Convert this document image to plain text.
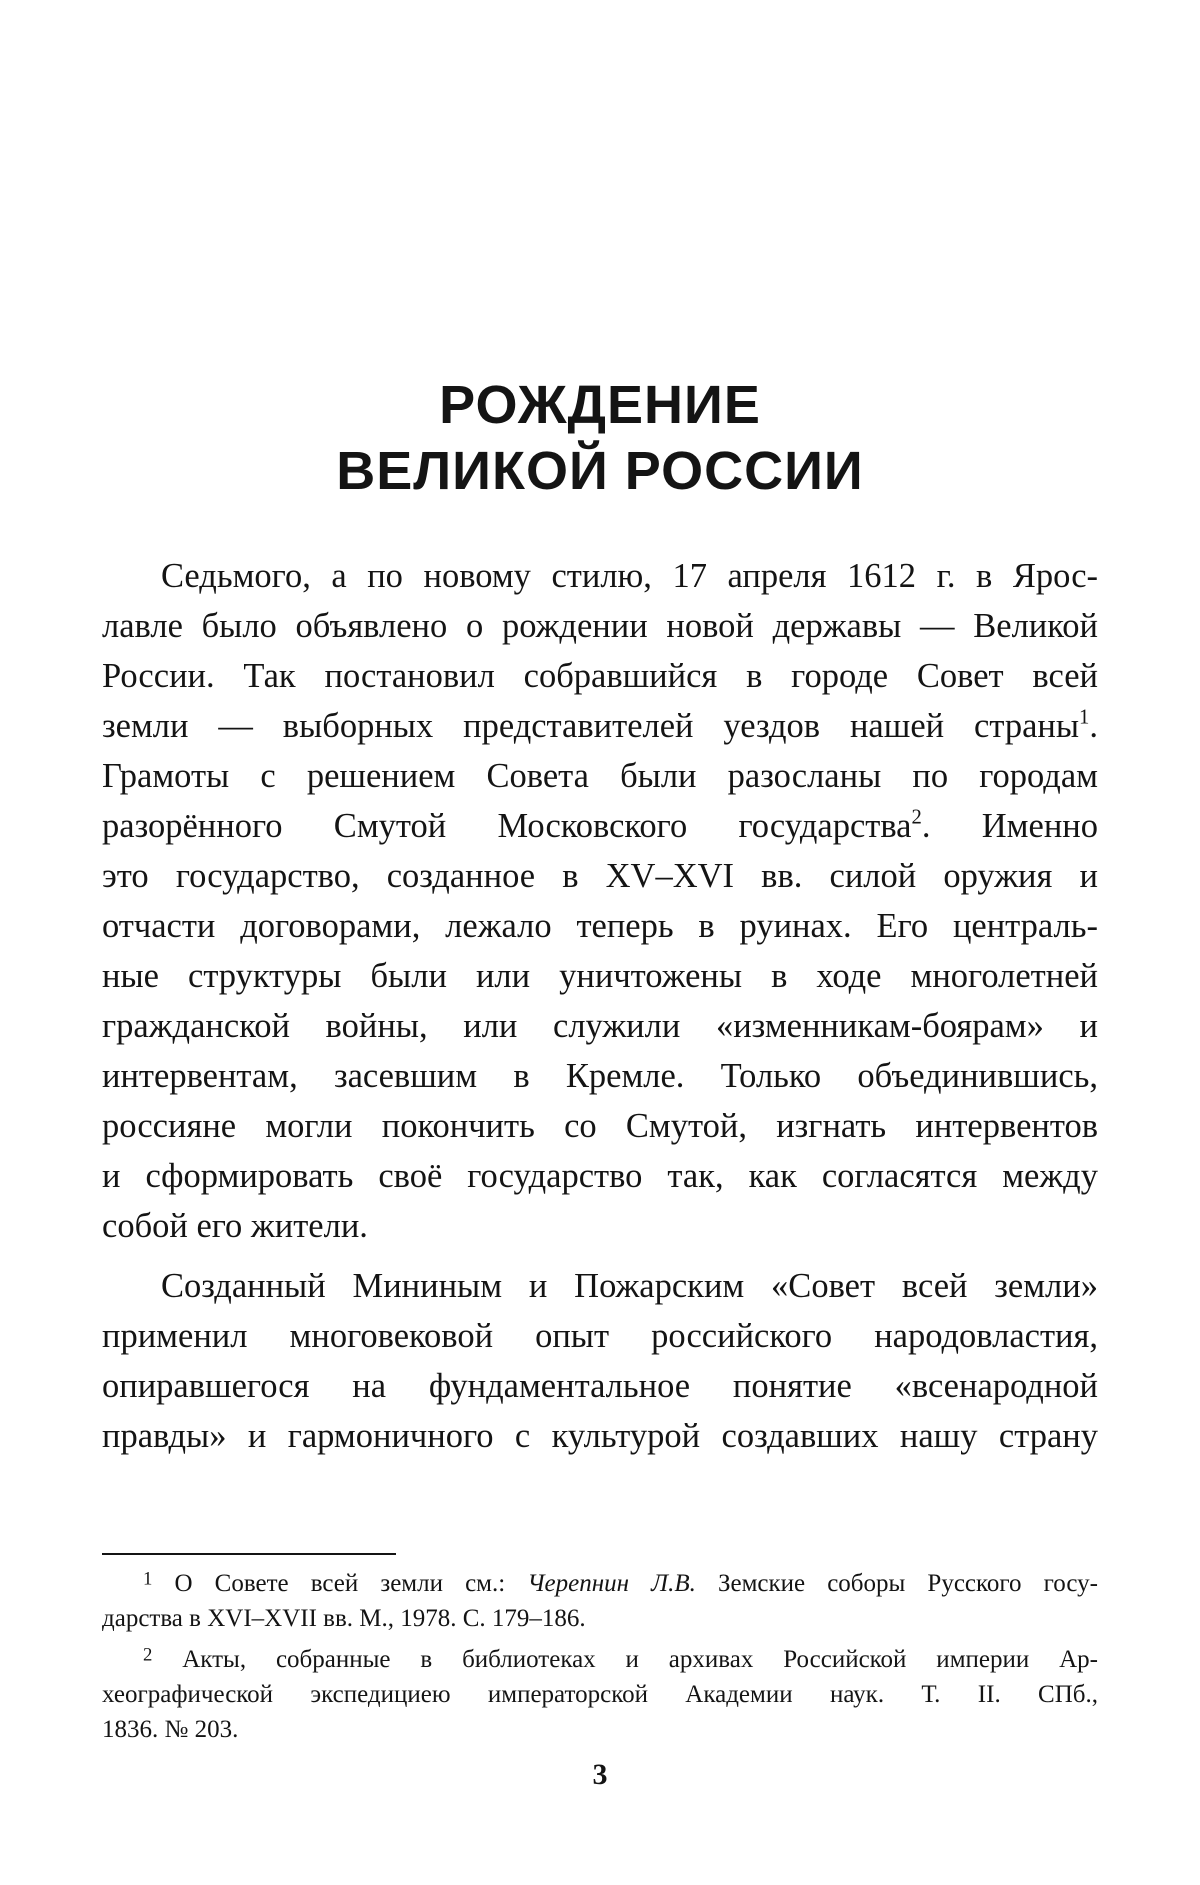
РОЖДЕНИЕ
ВЕЛИКОЙ РОССИИ
Седьмого, а по новому стилю, 17 апреля 1612 г. в Ярос-
лавле было объявлено о рождении новой державы — Великой
России. Так постановил собравшийся в городе Совет всей
земли — выборных представителей уездов нашей страны$^1$.
Грамоты с решением Совета были разосланы по городам
разорённого Смутой Московского государства$^2$. Именно
это государство, созданное в XV–XVI вв. силой оружия и
отчасти договорами, лежало теперь в руинах. Его централь-
ные структуры были или уничтожены в ходе многолетней
гражданской войны, или служили «изменникам-боярам» и
интервентам, засевшим в Кремле. Только объединившись,
россияне могли покончить со Смутой, изгнать интервентов
и сформировать своё государство так, как согласятся между
собой его жители.
Созданный Мининым и Пожарским «Совет всей земли»
применил многовековой опыт российского народовластия,
опиравшегося на фундаментальное понятие «всенародной
правды» и гармоничного с культурой создавших нашу страну
$^1$ О Совете всей земли см.: Черепнин Л.В. Земские соборы Русского госу-
дарства в XVI–XVII вв. М., 1978. С. 179–186.
$^2$ Акты, собранные в библиотеках и архивах Российской империи Ар-
хеографической экспедициею императорской Академии наук. Т. II. СПб.,
1836. № 203.
3
